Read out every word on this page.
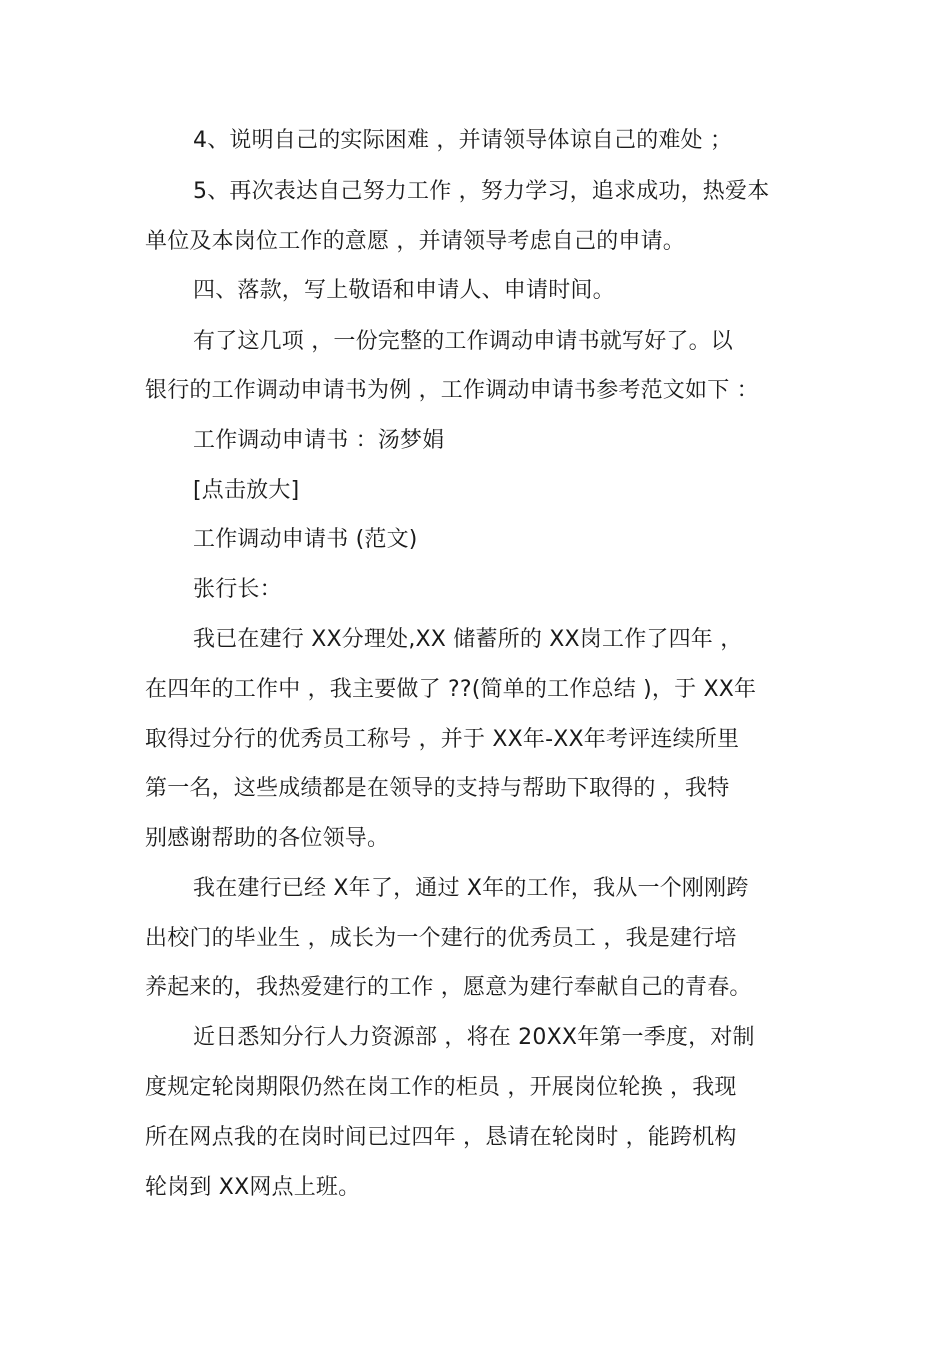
4、说明自己的实际困难 ，并请领导体谅自己的难处 ；
5、再次表达自己努力工作 ，努力学习，追求成功，热爱本
单位及本岗位工作的意愿 ，并请领导考虑自己的申请。
四、落款，写上敬语和申请人、申请时间。
有了这几项 ，一份完整的工作调动申请书就写好了。以
银行的工作调动申请书为例 ，工作调动申请书参考范文如下 ：
工作调动申请书 ：汤梦娟
[点击放大]
工作调动申请书 (范文)
张行长：
我已在建行 XX分理处,XX 储蓄所的 XX岗工作了四年 ，
在四年的工作中 ，我主要做了 ??(简单的工作总结 )，于 XX年
取得过分行的优秀员工称号 ，并于 XX年-XX年考评连续所里
第一名，这些成绩都是在领导的支持与帮助下取得的 ，我特
别感谢帮助的各位领导。
我在建行已经 X年了，通过 X年的工作，我从一个刚刚跨
出校门的毕业生 ，成长为一个建行的优秀员工 ，我是建行培
养起来的，我热爱建行的工作 ，愿意为建行奉献自己的青春。
近日悉知分行人力资源部 ，将在 20XX年第一季度，对制
度规定轮岗期限仍然在岗工作的柜员 ，开展岗位轮换 ，我现
所在网点我的在岗时间已过四年 ，恳请在轮岗时 ，能跨机构
轮岗到 XX网点上班。
